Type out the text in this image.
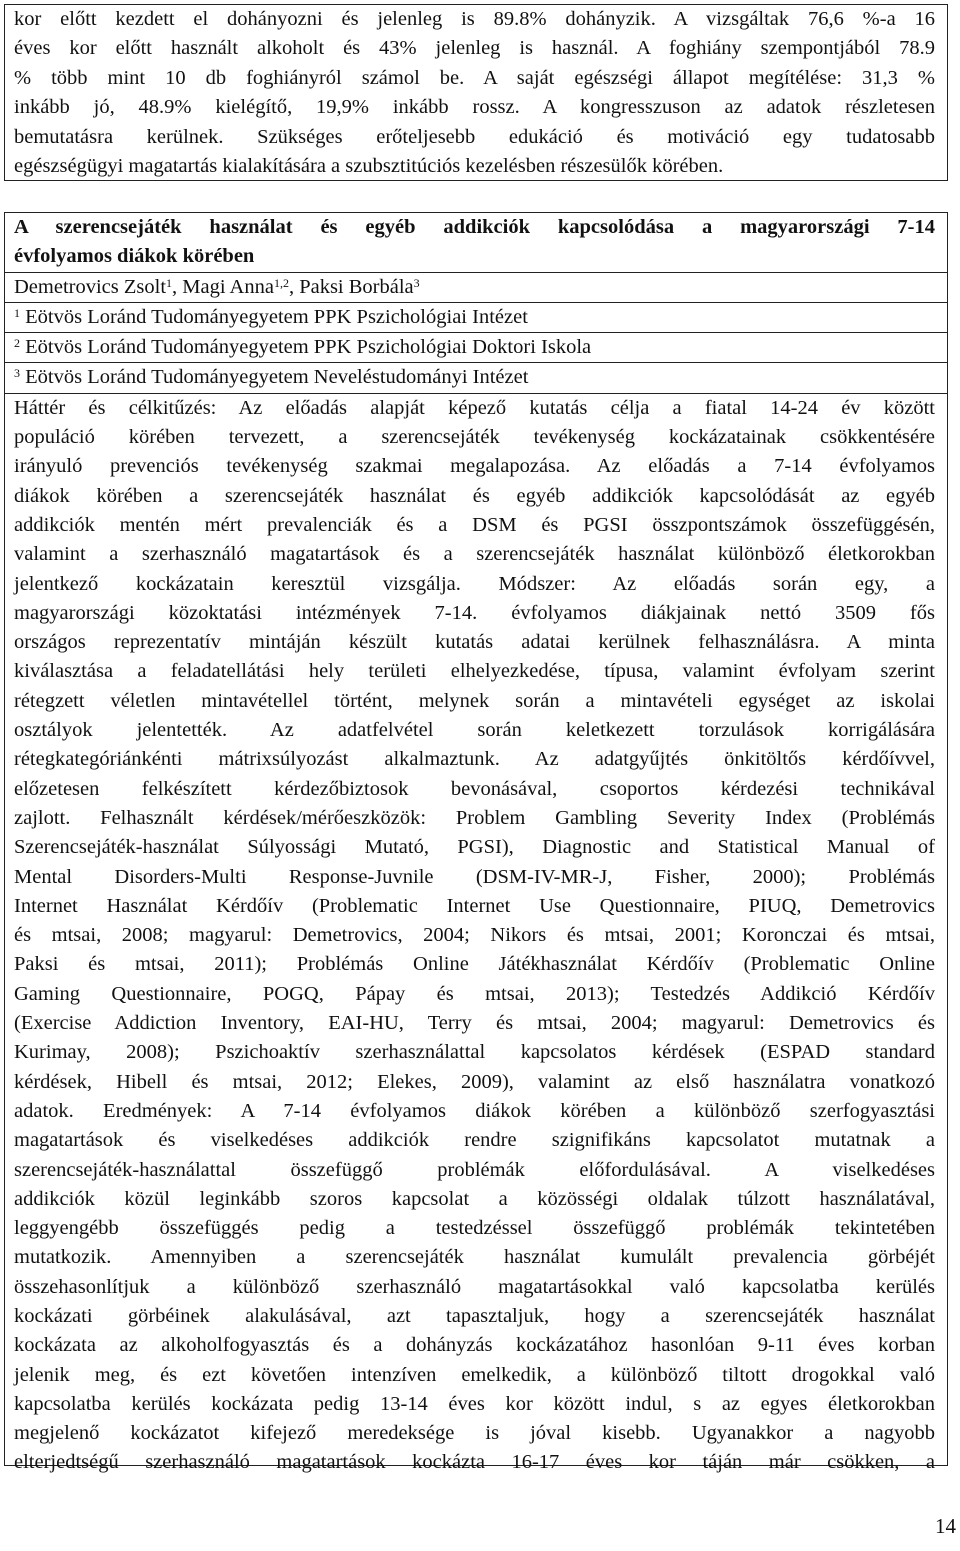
kor előtt kezdett el dohányozni és jelenleg is 89.8% dohányzik. A vizsgáltak 76,6 %-a 16
éves kor előtt használt alkoholt és 43% jelenleg is használ. A foghiány szempontjából 78.9
% több mint 10 db foghiányról számol be. A saját egészségi állapot megítélése: 31,3 %
inkább jó, 48.9% kielégítő, 19,9% inkább rossz. A kongresszuson az adatok részletesen
bemutatásra kerülnek. Szükséges erőteljesebb edukáció és motiváció egy tudatosabb
egészségügyi magatartás kialakítására a szubsztitúciós kezelésben részesülők körében.
A szerencsejáték használat és egyéb addikciók kapcsolódása a magyarországi 7-14
évfolyamos diákok körében
Demetrovics Zsolt$^1$, Magi Anna$^{1,2}$, Paksi Borbála$^3$
$^1$ Eötvös Loránd Tudományegyetem PPK Pszichológiai Intézet
$^2$ Eötvös Loránd Tudományegyetem PPK Pszichológiai Doktori Iskola
$^3$ Eötvös Loránd Tudományegyetem Neveléstudományi Intézet
Háttér és célkitűzés: Az előadás alapját képező kutatás célja a fiatal 14-24 év között
populáció körében tervezett, a szerencsejáték tevékenység kockázatainak csökkentésére
irányuló prevenciós tevékenység szakmai megalapozása. Az előadás a 7-14 évfolyamos
diákok körében a szerencsejáték használat és egyéb addikciók kapcsolódását az egyéb
addikciók mentén mért prevalenciák és a DSM és PGSI összpontszámok összefüggésén,
valamint a szerhasználó magatartások és a szerencsejáték használat különböző életkorokban
jelentkező kockázatain keresztül vizsgálja. Módszer: Az előadás során egy, a
magyarországi közoktatási intézmények 7-14. évfolyamos diákjainak nettó 3509 fős
országos reprezentatív mintáján készült kutatás adatai kerülnek felhasználásra. A minta
kiválasztása a feladatellátási hely területi elhelyezkedése, típusa, valamint évfolyam szerint
rétegzett véletlen mintavétellel történt, melynek során a mintavételi egységet az iskolai
osztályok jelentették. Az adatfelvétel során keletkezett torzulások korrigálására
rétegkategóriánkénti mátrixsúlyozást alkalmaztunk. Az adatgyűjtés önkitöltős kérdőívvel,
előzetesen felkészített kérdezőbiztosok bevonásával, csoportos kérdezési technikával
zajlott. Felhasznált kérdések/mérőeszközök: Problem Gambling Severity Index (Problémás
Szerencsejáték-használat Súlyossági Mutató, PGSI), Diagnostic and Statistical Manual of
Mental Disorders-Multi Response-Juvnile (DSM-IV-MR-J, Fisher, 2000); Problémás
Internet Használat Kérdőív (Problematic Internet Use Questionnaire, PIUQ, Demetrovics
és mtsai, 2008; magyarul: Demetrovics, 2004; Nikors és mtsai, 2001; Koronczai és mtsai,
Paksi és mtsai, 2011); Problémás Online Játékhasználat Kérdőív (Problematic Online
Gaming Questionnaire, POGQ, Pápay és mtsai, 2013); Testedzés Addikció Kérdőív
(Exercise Addiction Inventory, EAI-HU, Terry és mtsai, 2004; magyarul: Demetrovics és
Kurimay, 2008); Pszichoaktív szerhasználattal kapcsolatos kérdések (ESPAD standard
kérdések, Hibell és mtsai, 2012; Elekes, 2009), valamint az első használatra vonatkozó
adatok. Eredmények: A 7-14 évfolyamos diákok körében a különböző szerfogyasztási
magatartások és viselkedéses addikciók rendre szignifikáns kapcsolatot mutatnak a
szerencsejáték-használattal összefüggő problémák előfordulásával. A viselkedéses
addikciók közül leginkább szoros kapcsolat a közösségi oldalak túlzott használatával,
leggyengébb összefüggés pedig a testedzéssel összefüggő problémák tekintetében
mutatkozik. Amennyiben a szerencsejáték használat kumulált prevalencia görbéjét
összehasonlítjuk a különböző szerhasználó magatartásokkal való kapcsolatba kerülés
kockázati görbéinek alakulásával, azt tapasztaljuk, hogy a szerencsejáték használat
kockázata az alkoholfogyasztás és a dohányzás kockázatához hasonlóan 9-11 éves korban
jelenik meg, és ezt követően intenzíven emelkedik, a különböző tiltott drogokkal való
kapcsolatba kerülés kockázata pedig 13-14 éves kor között indul, s az egyes életkorokban
megjelenő kockázatot kifejező meredeksége is jóval kisebb. Ugyanakkor a nagyobb
elterjedtségű szerhasználó magatartások kockázta 16-17 éves kor táján már csökken, a
14
